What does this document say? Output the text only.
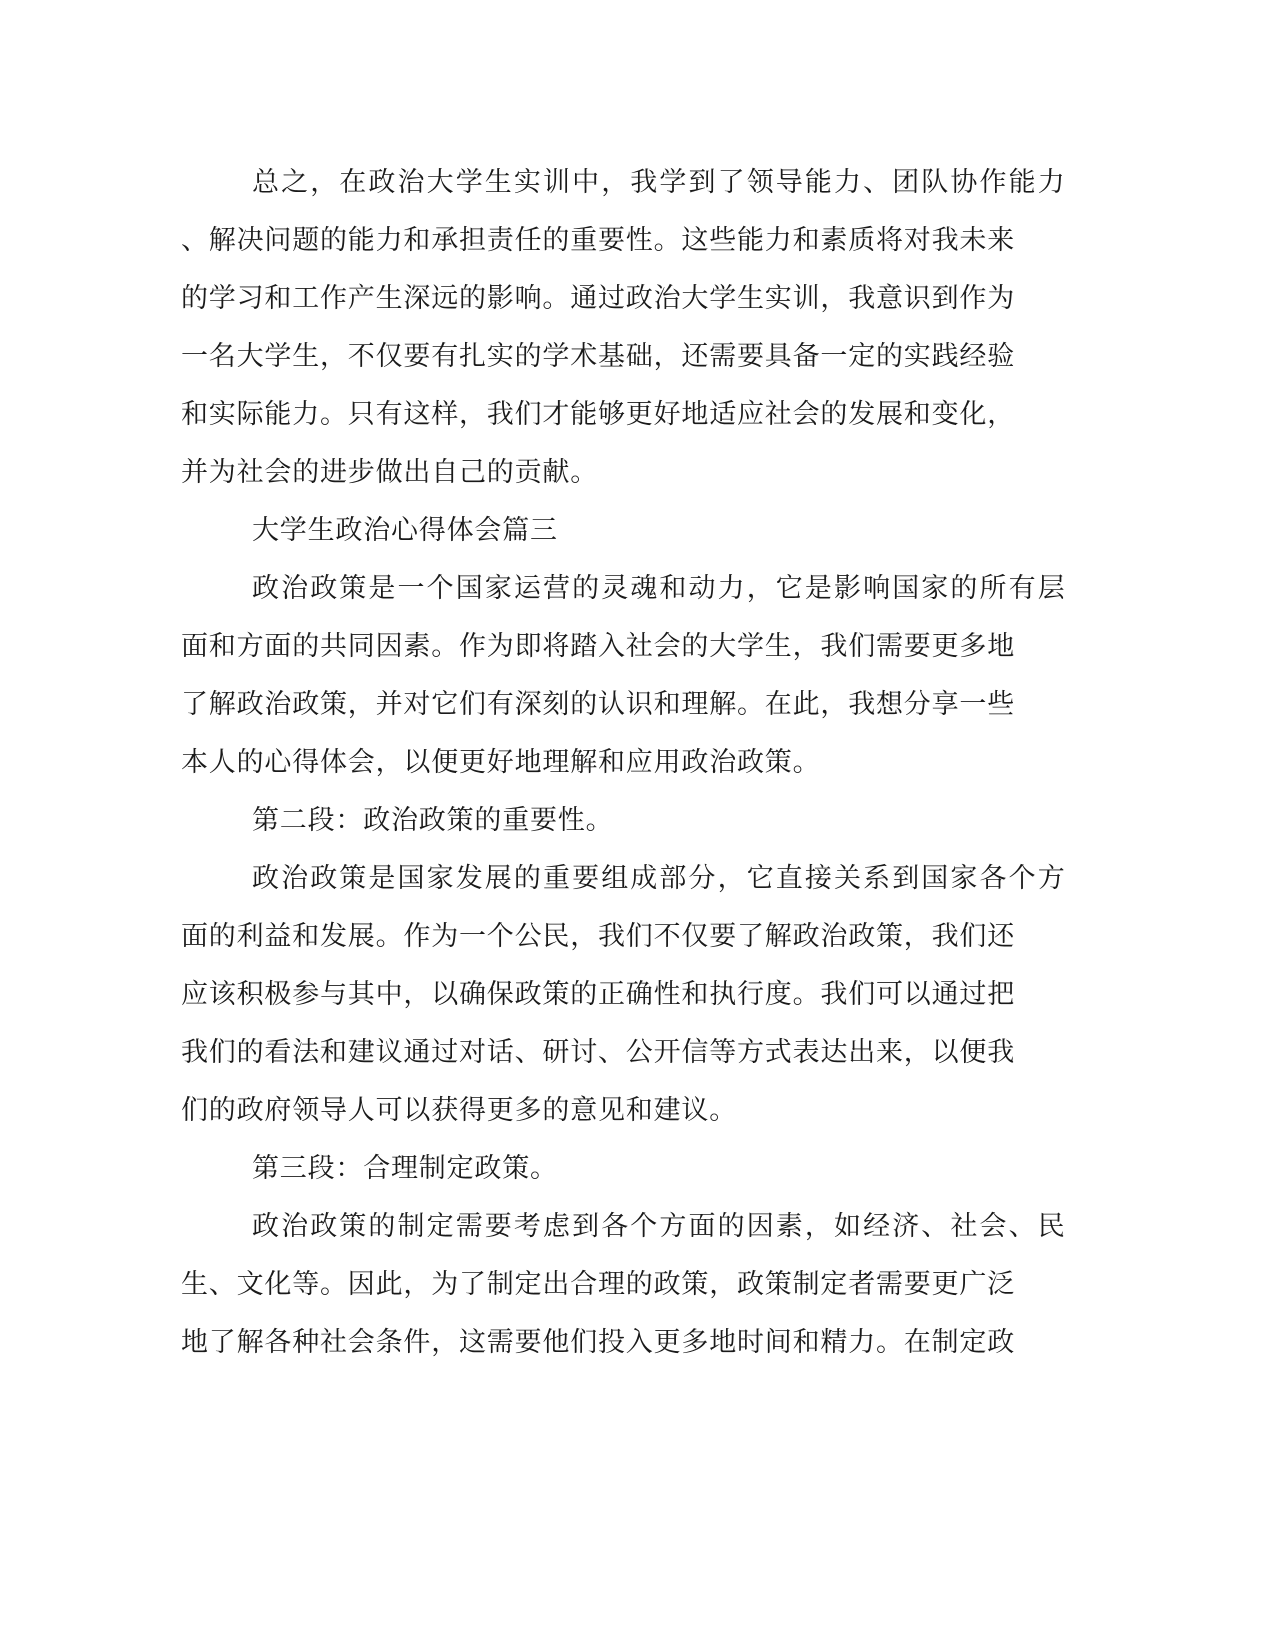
总之，在政治大学生实训中，我学到了领导能力、团队协作能力
、解决问题的能力和承担责任的重要性。这些能力和素质将对我未来
的学习和工作产生深远的影响。通过政治大学生实训，我意识到作为
一名大学生，不仅要有扎实的学术基础，还需要具备一定的实践经验
和实际能力。只有这样，我们才能够更好地适应社会的发展和变化，
并为社会的进步做出自己的贡献。
大学生政治心得体会篇三
政治政策是一个国家运营的灵魂和动力，它是影响国家的所有层
面和方面的共同因素。作为即将踏入社会的大学生，我们需要更多地
了解政治政策，并对它们有深刻的认识和理解。在此，我想分享一些
本人的心得体会，以便更好地理解和应用政治政策。
第二段：政治政策的重要性。
政治政策是国家发展的重要组成部分，它直接关系到国家各个方
面的利益和发展。作为一个公民，我们不仅要了解政治政策，我们还
应该积极参与其中，以确保政策的正确性和执行度。我们可以通过把
我们的看法和建议通过对话、研讨、公开信等方式表达出来，以便我
们的政府领导人可以获得更多的意见和建议。
第三段：合理制定政策。
政治政策的制定需要考虑到各个方面的因素，如经济、社会、民
生、文化等。因此，为了制定出合理的政策，政策制定者需要更广泛
地了解各种社会条件，这需要他们投入更多地时间和精力。在制定政
